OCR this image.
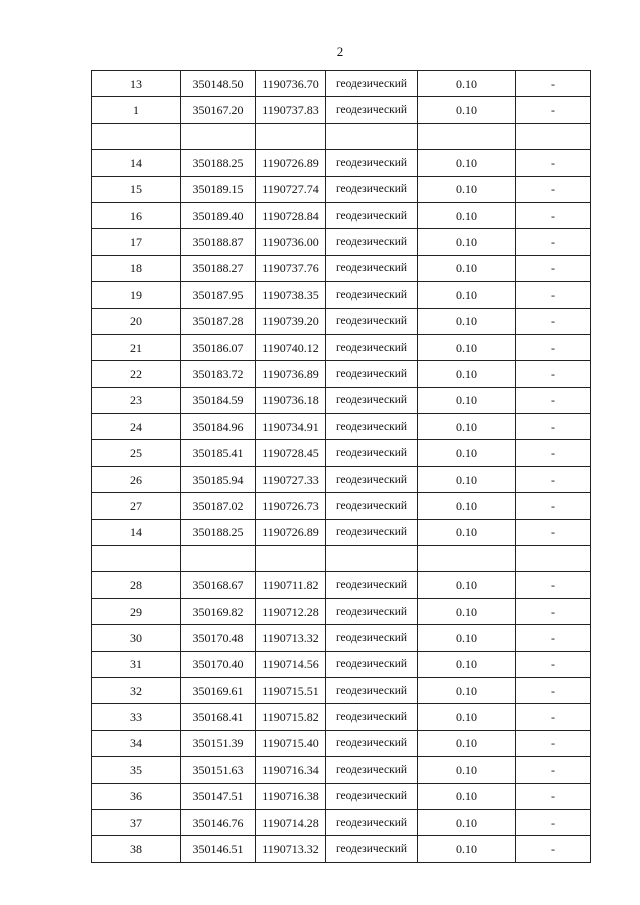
2
13	350148.50	1190736.70	геодезический	0.10	-
1	350167.20	1190737.83	геодезический	0.10	-

14	350188.25	1190726.89	геодезический	0.10	-
15	350189.15	1190727.74	геодезический	0.10	-
16	350189.40	1190728.84	геодезический	0.10	-
17	350188.87	1190736.00	геодезический	0.10	-
18	350188.27	1190737.76	геодезический	0.10	-
19	350187.95	1190738.35	геодезический	0.10	-
20	350187.28	1190739.20	геодезический	0.10	-
21	350186.07	1190740.12	геодезический	0.10	-
22	350183.72	1190736.89	геодезический	0.10	-
23	350184.59	1190736.18	геодезический	0.10	-
24	350184.96	1190734.91	геодезический	0.10	-
25	350185.41	1190728.45	геодезический	0.10	-
26	350185.94	1190727.33	геодезический	0.10	-
27	350187.02	1190726.73	геодезический	0.10	-
14	350188.25	1190726.89	геодезический	0.10	-

28	350168.67	1190711.82	геодезический	0.10	-
29	350169.82	1190712.28	геодезический	0.10	-
30	350170.48	1190713.32	геодезический	0.10	-
31	350170.40	1190714.56	геодезический	0.10	-
32	350169.61	1190715.51	геодезический	0.10	-
33	350168.41	1190715.82	геодезический	0.10	-
34	350151.39	1190715.40	геодезический	0.10	-
35	350151.63	1190716.34	геодезический	0.10	-
36	350147.51	1190716.38	геодезический	0.10	-
37	350146.76	1190714.28	геодезический	0.10	-
38	350146.51	1190713.32	геодезический	0.10	-
